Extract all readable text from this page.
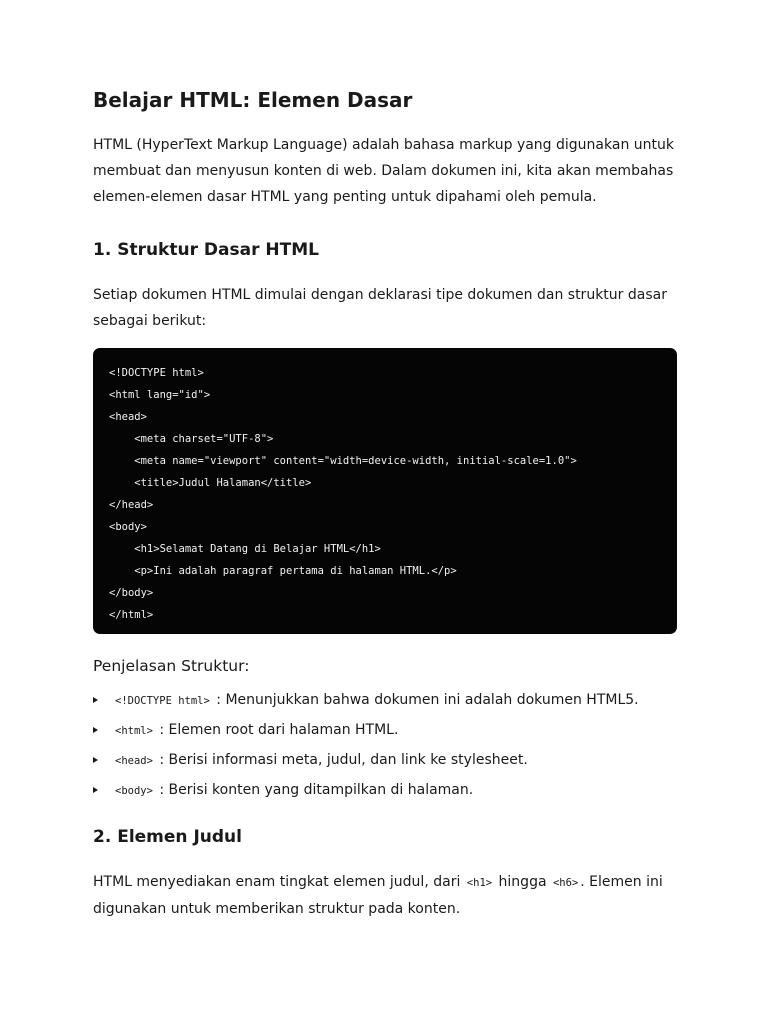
Belajar HTML: Elemen Dasar

HTML (HyperText Markup Language) adalah bahasa markup yang digunakan untuk
membuat dan menyusun konten di web. Dalam dokumen ini, kita akan membahas
elemen-elemen dasar HTML yang penting untuk dipahami oleh pemula.

1. Struktur Dasar HTML

Setiap dokumen HTML dimulai dengan deklarasi tipe dokumen dan struktur dasar
sebagai berikut:

<!DOCTYPE html>
<html lang="id">
<head>
<meta charset="UTF-8">
<meta name="viewport" content="width=device-width, initial-scale=1.0">
<title>Judul Halaman</title>
</head>
<body>
<h1>Selamat Datang di Belajar HTML</h1>
<p>Ini adalah paragraf pertama di halaman HTML.</p>
</body>
</html>
Penjelasan Struktur:
<!DOCTYPE html> : Menunjukkan bahwa dokumen ini adalah dokumen HTML5.
<html> : Elemen root dari halaman HTML.
<head> : Berisi informasi meta, judul, dan link ke stylesheet.
<body> : Berisi konten yang ditampilkan di halaman.
2. Elemen Judul

HTML menyediakan enam tingkat elemen judul, dari <h1> hingga <h6> . Elemen ini
digunakan untuk memberikan struktur pada konten.
